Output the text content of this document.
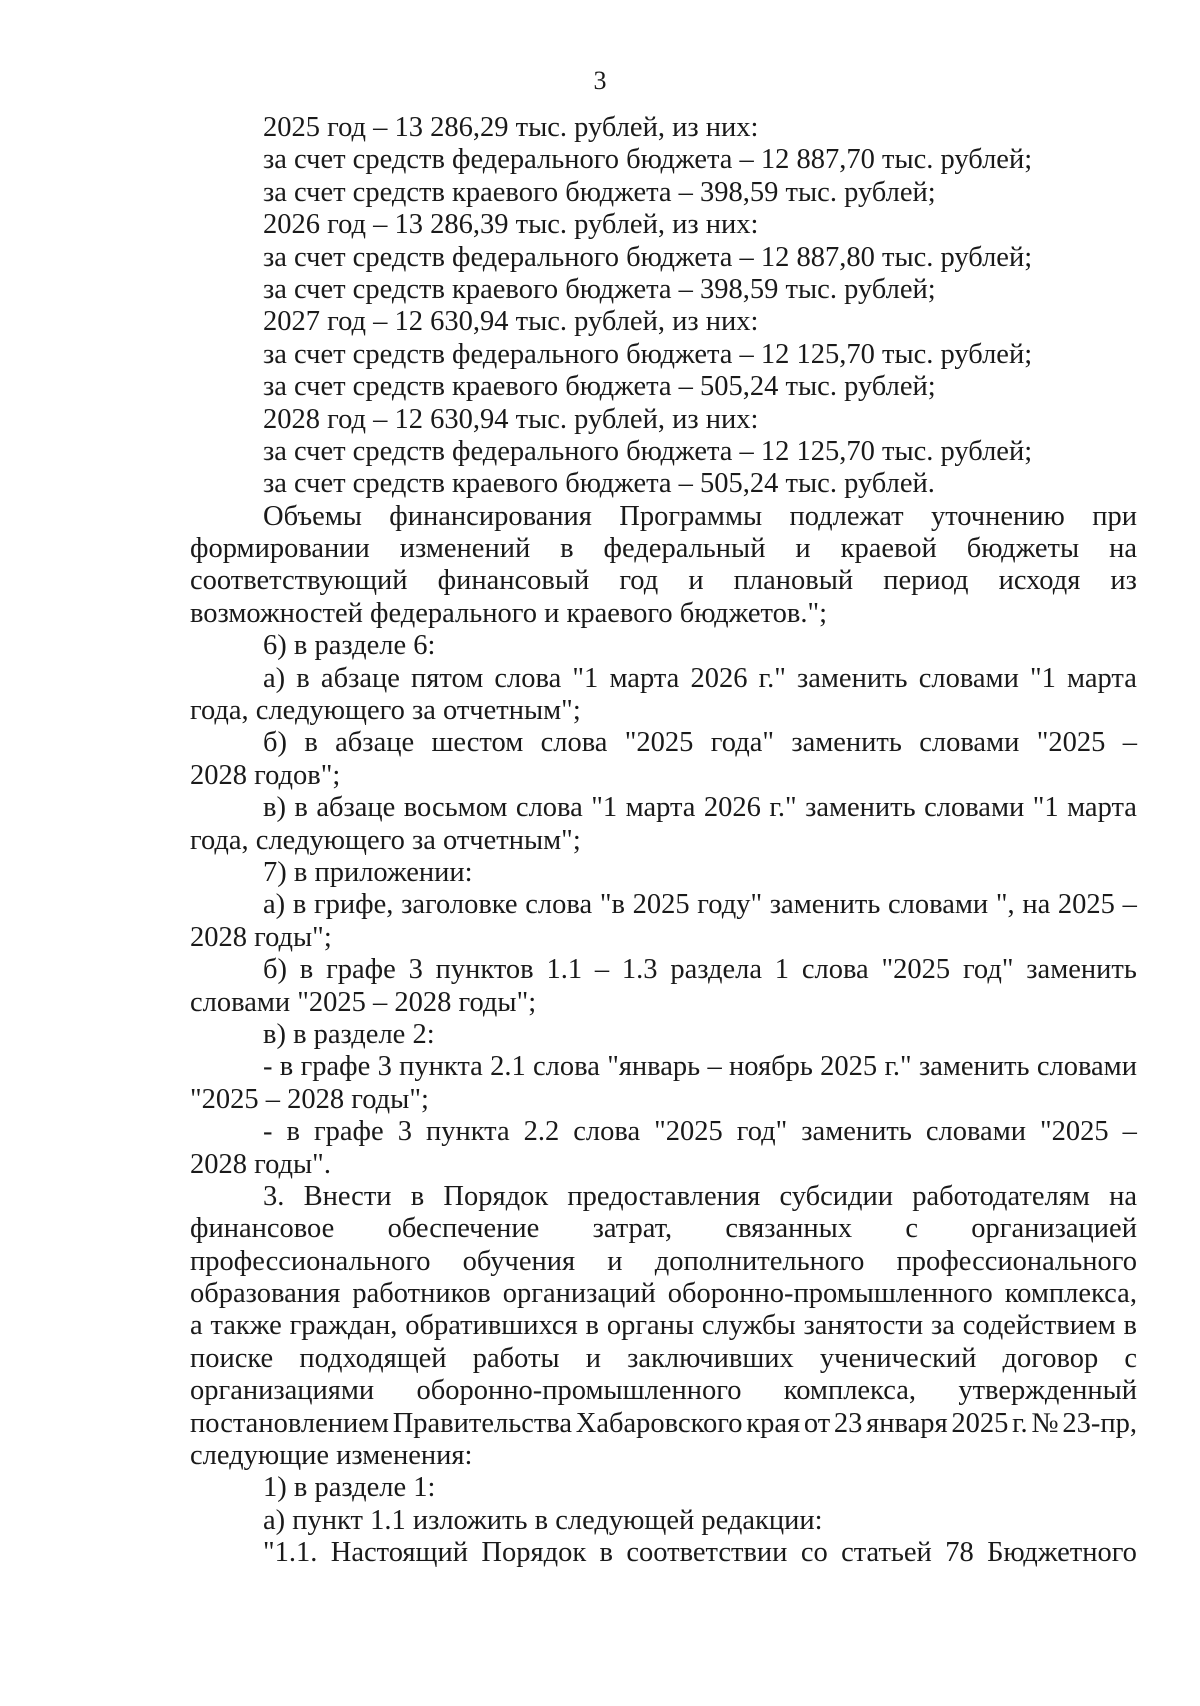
3
2025 год – 13 286,29 тыс. рублей, из них:
за счет средств федерального бюджета – 12 887,70 тыс. рублей;
за счет средств краевого бюджета – 398,59 тыс. рублей;
2026 год – 13 286,39 тыс. рублей, из них:
за счет средств федерального бюджета – 12 887,80 тыс. рублей;
за счет средств краевого бюджета – 398,59 тыс. рублей;
2027 год – 12 630,94 тыс. рублей, из них:
за счет средств федерального бюджета – 12 125,70 тыс. рублей;
за счет средств краевого бюджета – 505,24 тыс. рублей;
2028 год – 12 630,94 тыс. рублей, из них:
за счет средств федерального бюджета – 12 125,70 тыс. рублей;
за счет средств краевого бюджета – 505,24 тыс. рублей.
Объемы финансирования Программы подлежат уточнению при
формировании изменений в федеральный и краевой бюджеты на
соответствующий финансовый год и плановый период исходя из
возможностей федерального и краевого бюджетов.";
6) в разделе 6:
а) в абзаце пятом слова "1 марта 2026 г." заменить словами "1 марта
года, следующего за отчетным";
б) в абзаце шестом слова "2025 года" заменить словами "2025 –
2028 годов";
в) в абзаце восьмом слова "1 марта 2026 г." заменить словами "1 марта
года, следующего за отчетным";
7) в приложении:
а) в грифе, заголовке слова "в 2025 году" заменить словами ", на 2025 –
2028 годы";
б) в графе 3 пунктов 1.1 – 1.3 раздела 1 слова "2025 год" заменить
словами "2025 – 2028 годы";
в) в разделе 2:
- в графе 3 пункта 2.1 слова "январь – ноябрь 2025 г." заменить словами
"2025 – 2028 годы";
- в графе 3 пункта 2.2 слова "2025 год" заменить словами "2025 –
2028 годы".
3. Внести в Порядок предоставления субсидии работодателям на
финансовое обеспечение затрат, связанных с организацией
профессионального обучения и дополнительного профессионального
образования работников организаций оборонно-промышленного комплекса,
а также граждан, обратившихся в органы службы занятости за содействием в
поиске подходящей работы и заключивших ученический договор с
организациями оборонно-промышленного комплекса, утвержденный
постановлением Правительства Хабаровского края от 23 января 2025 г. № 23-пр,
следующие изменения:
1) в разделе 1:
а) пункт 1.1 изложить в следующей редакции:
"1.1. Настоящий Порядок в соответствии со статьей 78 Бюджетного
